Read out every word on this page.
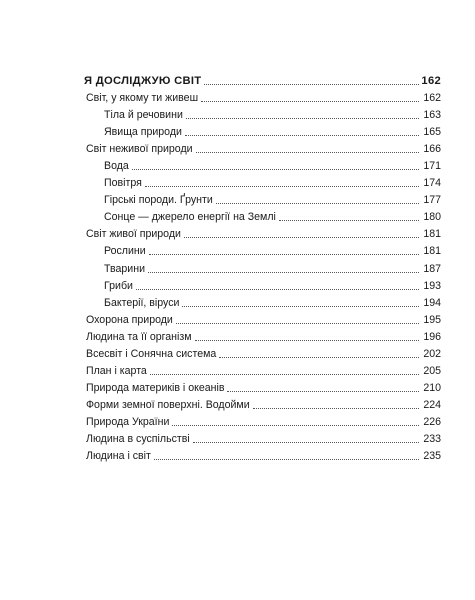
Я ДОСЛІДЖУЮ СВІТ	162
Світ, у якому ти живеш	162
Тіла й речовини	163
Явища природи	165
Світ неживої природи	166
Вода	171
Повітря	174
Гірські породи. Ґрунти	177
Сонце — джерело енергії на Землі	180
Світ живої природи	181
Рослини	181
Тварини	187
Гриби	193
Бактерії, віруси	194
Охорона природи	195
Людина та її організм	196
Всесвіт і Сонячна система	202
План і карта	205
Природа материків і океанів	210
Форми земної поверхні. Водойми	224
Природа України	226
Людина в суспільстві	233
Людина і світ	235
